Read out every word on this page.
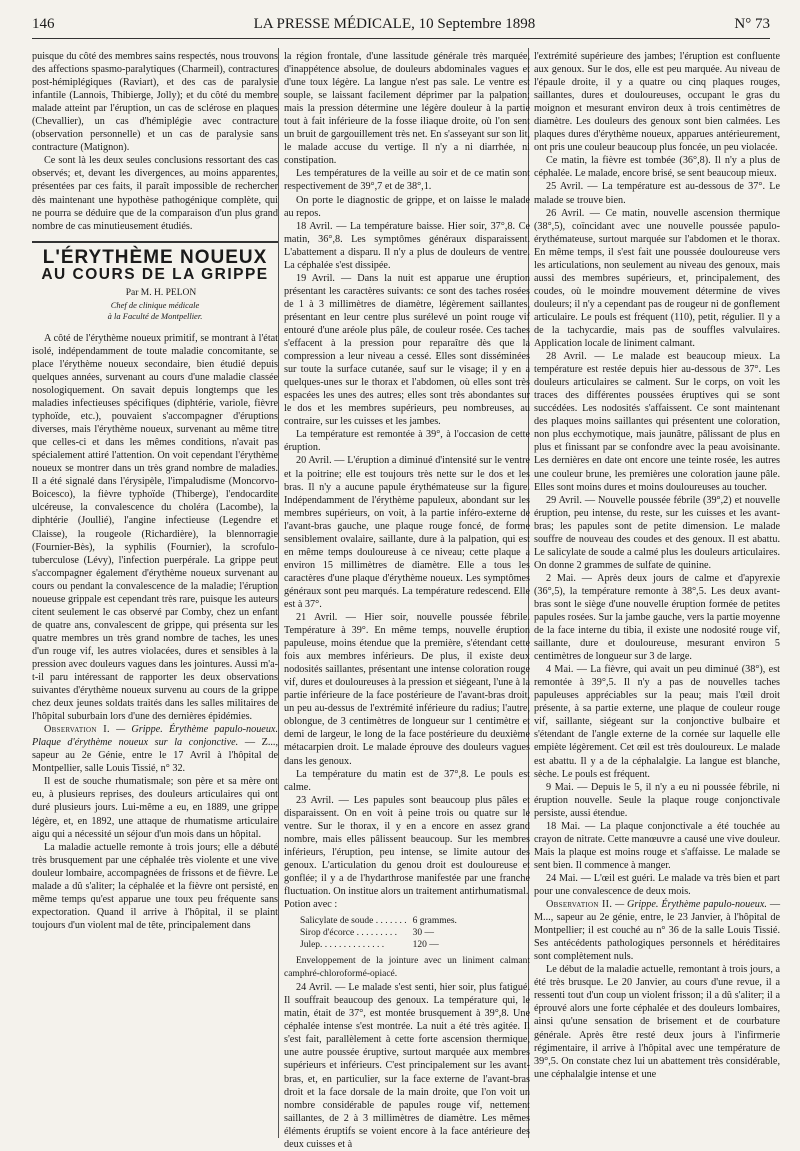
146	LA PRESSE MÉDICALE, 10 Septembre 1898	N° 73

puisque du côté des membres sains respectés, nous trouvons des affections spasmo-paralytiques (Charmeil), contractures post-hémiplégiques (Raviart), et des cas de paralysie infantile (Lannois, Thibierge, Jolly); et du côté du membre malade atteint par l'éruption, un cas de sclérose en plaques (Chevallier), un cas d'hémiplégie avec contracture (observation personnelle) et un cas de paralysie sans contracture (Matignon).

Ce sont là les deux seules conclusions ressortant des cas observés; et, devant les divergences, au moins apparentes, présentées par ces faits, il paraît impossible de rechercher dès maintenant une hypothèse pathogénique complète, qui ne pourra se déduire que de la comparaison d'un plus grand nombre de cas minutieusement étudiés.

L'ÉRYTHÈME NOUEUX
AU COURS DE LA GRIPPE

Par M. H. PELON

Chef de clinique médicale
à la Faculté de Montpellier.

A côté de l'érythème noueux primitif, se montrant à l'état isolé, indépendamment de toute maladie concomitante, se place l'érythème noueux secondaire, bien étudié depuis quelques années, survenant au cours d'une maladie classée nosologiquement. On savait depuis longtemps que les maladies infectieuses spécifiques (diphtérie, variole, fièvre typhoïde, etc.), pouvaient s'accompagner d'éruptions diverses, mais l'érythème noueux, survenant au même titre que celles-ci et dans les mêmes conditions, n'avait pas spécialement attiré l'attention. On voit cependant l'érythème noueux se montrer dans un très grand nombre de maladies. Il a été signalé dans l'érysipèle, l'impaludisme (Moncorvo-Boicesco), la fièvre typhoïde (Thiberge), l'endocardite ulcéreuse, la convalescence du choléra (Lacombe), la diphtérie (Joullié), l'angine infectieuse (Legendre et Claisse), la rougeole (Richardière), la blennorragie (Fournier-Bès), la syphilis (Fournier), la scrofulo-tuberculose (Lévy), l'infection puerpérale. La grippe peut s'accompagner également d'érythème noueux survenant au cours ou pendant la convalescence de la maladie; l'éruption noueuse grippale est cependant très rare, puisque les auteurs citent seulement le cas observé par Comby, chez un enfant de quatre ans, convalescent de grippe, qui présenta sur les quatre membres un très grand nombre de taches, les unes d'un rouge vif, les autres violacées, dures et sensibles à la pression avec douleurs vagues dans les jointures. Aussi m'a-t-il paru intéressant de rapporter les deux observations suivantes d'érythème noueux survenu au cours de la grippe chez deux jeunes soldats traités dans les salles militaires de l'hôpital suburbain lors d'une des dernières épidémies.

Observation I. — Grippe. Érythème papulo-noueux. Plaque d'érythème noueux sur la conjonctive. — Z..., sapeur au 2e Génie, entre le 17 Avril à l'hôpital de Montpellier, salle Louis Tissié, n° 32.

Il est de souche rhumatismale; son père et sa mère ont eu, à plusieurs reprises, des douleurs articulaires qui ont duré plusieurs jours. Lui-même a eu, en 1889, une grippe légère, et, en 1892, une attaque de rhumatisme articulaire aigu qui a nécessité un séjour d'un mois dans un hôpital.

La maladie actuelle remonte à trois jours; elle a débuté très brusquement par une céphalée très violente et une vive douleur lombaire, accompagnées de frissons et de fièvre. Le malade a dû s'aliter; la céphalée et la fièvre ont persisté, en même temps qu'est apparue une toux peu fréquente sans expectoration. Quand il arrive à l'hôpital, il se plaint toujours d'un violent mal de tête, principalement dans

la région frontale, d'une lassitude générale très marquée, d'inappétence absolue, de douleurs abdominales vagues et d'une toux légère. La langue n'est pas sale. Le ventre est souple, se laissant facilement déprimer par la palpation; mais la pression détermine une légère douleur à la partie tout à fait inférieure de la fosse iliaque droite, où l'on sent un bruit de gargouillement très net. En s'asseyant sur son lit, le malade accuse du vertige. Il n'y a ni diarrhée, ni constipation.

Les températures de la veille au soir et de ce matin sont respectivement de 39°,7 et de 38°,1.

On porte le diagnostic de grippe, et on laisse le malade au repos.

18 Avril. — La température baisse. Hier soir, 37°,8. Ce matin, 36°,8. Les symptômes généraux disparaissent. L'abattement a disparu. Il n'y a plus de douleurs de ventre. La céphalée s'est dissipée.

19 Avril. — Dans la nuit est apparue une éruption présentant les caractères suivants: ce sont des taches rosées de 1 à 3 millimètres de diamètre, légèrement saillantes, présentant en leur centre plus surélevé un point rouge vif entouré d'une aréole plus pâle, de couleur rosée. Ces taches s'effacent à la pression pour reparaître dès que la compression a leur niveau a cessé. Elles sont disséminées sur toute la surface cutanée, sauf sur le visage; il y en a quelques-unes sur le thorax et l'abdomen, où elles sont très espacées les unes des autres; elles sont très abondantes sur le dos et les membres supérieurs, peu nombreuses, au contraire, sur les cuisses et les jambes.

La température est remontée à 39°, à l'occasion de cette éruption.

20 Avril. — L'éruption a diminué d'intensité sur le ventre et la poitrine; elle est toujours très nette sur le dos et les bras. Il n'y a aucune papule érythémateuse sur la figure. Indépendamment de l'érythème papuleux, abondant sur les membres supérieurs, on voit, à la partie inféro-externe de l'avant-bras gauche, une plaque rouge foncé, de forme sensiblement ovalaire, saillante, dure à la palpation, qui est en même temps douloureuse à ce niveau; cette plaque a environ 15 millimètres de diamètre. Elle a tous les caractères d'une plaque d'érythème noueux. Les symptômes généraux sont peu marqués. La température redescend. Elle est à 37°.

21 Avril. — Hier soir, nouvelle poussée fébrile. Température à 39°. En même temps, nouvelle éruption papuleuse, moins étendue que la première, s'étendant cette fois aux membres inférieurs. De plus, il existe deux nodosités saillantes, présentant une intense coloration rouge vif, dures et douloureuses à la pression et siégeant, l'une à la partie inférieure de la face postérieure de l'avant-bras droit, un peu au-dessus de l'extrémité inférieure du radius; l'autre, oblongue, de 3 centimètres de longueur sur 1 centimètre et demi de largeur, le long de la face postérieure du deuxième métacarpien droit. Le malade éprouve des douleurs vagues dans les genoux.

La température du matin est de 37°,8. Le pouls est calme.

23 Avril. — Les papules sont beaucoup plus pâles et disparaissent. On en voit à peine trois ou quatre sur le ventre. Sur le thorax, il y en a encore en assez grand nombre, mais elles pâlissent beaucoup. Sur les membres inférieurs, l'éruption, peu intense, se limite autour des genoux. L'articulation du genou droit est douloureuse et gonflée; il y a de l'hydarthrose manifestée par une franche fluctuation. On institue alors un traitement antirhumatismal.

Potion avec :

Salicylate de soude . . . . . . .	6 grammes.
Sirop d'écorce . . . . . . . . .	30 —
Julep. . . . . . . . . . . . . .	120 —

Enveloppement de la jointure avec un liniment calmant camphré-chloroformé-opiacé.

24 Avril. — Le malade s'est senti, hier soir, plus fatigué. Il souffrait beaucoup des genoux. La température qui, le matin, était de 37°, est montée brusquement à 39°,8. Une céphalée intense s'est montrée. La nuit a été très agitée. Il s'est fait, parallèlement à cette forte ascension thermique, une autre poussée éruptive, surtout marquée aux membres supérieurs et inférieurs. C'est principalement sur les avant-bras, et, en particulier, sur la face externe de l'avant-bras droit et la face dorsale de la main droite, que l'on voit un nombre considérable de papules rouge vif, nettement saillantes, de 2 à 3 millimètres de diamètre. Les mêmes éléments éruptifs se voient encore à la face antérieure des deux cuisses et à

l'extrémité supérieure des jambes; l'éruption est confluente aux genoux. Sur le dos, elle est peu marquée. Au niveau de l'épaule droite, il y a quatre ou cinq plaques rouges, saillantes, dures et douloureuses, occupant le gras du moignon et mesurant environ deux à trois centimètres de diamètre. Les douleurs des genoux sont bien calmées. Les plaques dures d'érythème noueux, apparues antérieurement, ont pris une couleur beaucoup plus foncée, un peu violacée.

Ce matin, la fièvre est tombée (36°,8). Il n'y a plus de céphalée. Le malade, encore brisé, se sent beaucoup mieux.

25 Avril. — La température est au-dessous de 37°. Le malade se trouve bien.

26 Avril. — Ce matin, nouvelle ascension thermique (38°,5), coïncidant avec une nouvelle poussée papulo-érythémateuse, surtout marquée sur l'abdomen et le thorax. En même temps, il s'est fait une poussée douloureuse vers les articulations, non seulement au niveau des genoux, mais aussi des membres supérieurs, et, principalement, des coudes, où le moindre mouvement détermine de vives douleurs; il n'y a cependant pas de rougeur ni de gonflement articulaire. Le pouls est fréquent (110), petit, régulier. Il y a de la tachycardie, mais pas de souffles valvulaires. Application locale de liniment calmant.

28 Avril. — Le malade est beaucoup mieux. La température est restée depuis hier au-dessous de 37°. Les douleurs articulaires se calment. Sur le corps, on voit les traces des différentes poussées éruptives qui se sont succédées. Les nodosités s'affaissent. Ce sont maintenant des plaques moins saillantes qui présentent une coloration, non plus ecchymotique, mais jaunâtre, pâlissant de plus en plus et finissant par se confondre avec la peau avoisinante. Les dernières en date ont encore une teinte rosée, les autres une couleur brune, les premières une coloration jaune pâle. Elles sont moins dures et moins douloureuses au toucher.

29 Avril. — Nouvelle poussée fébrile (39°,2) et nouvelle éruption, peu intense, du reste, sur les cuisses et les avant-bras; les papules sont de petite dimension. Le malade souffre de nouveau des coudes et des genoux. Il est abattu. Le salicylate de soude a calmé plus les douleurs articulaires. On donne 2 grammes de sulfate de quinine.

2 Mai. — Après deux jours de calme et d'apyrexie (36°,5), la température remonte à 38°,5. Les deux avant-bras sont le siège d'une nouvelle éruption formée de petites papules rosées. Sur la jambe gauche, vers la partie moyenne de la face interne du tibia, il existe une nodosité rouge vif, saillante, dure et douloureuse, mesurant environ 5 centimètres de longueur sur 3 de large.

4 Mai. — La fièvre, qui avait un peu diminué (38°), est remontée à 39°,5. Il n'y a pas de nouvelles taches papuleuses appréciables sur la peau; mais l'œil droit présente, à sa partie externe, une plaque de couleur rouge vif, saillante, siégeant sur la conjonctive bulbaire et s'étendant de l'angle externe de la cornée sur laquelle elle empiète légèrement. Cet œil est très douloureux. Le malade est abattu. Il y a de la céphalalgie. La langue est blanche, sèche. Le pouls est fréquent.

9 Mai. — Depuis le 5, il n'y a eu ni poussée fébrile, ni éruption nouvelle. Seule la plaque rouge conjonctivale persiste, aussi étendue.

18 Mai. — La plaque conjonctivale a été touchée au crayon de nitrate. Cette manœuvre a causé une vive douleur. Mais la plaque est moins rouge et s'affaisse. Le malade se sent bien. Il commence à manger.

24 Mai. — L'œil est guéri. Le malade va très bien et part pour une convalescence de deux mois.

Observation II. — Grippe. Érythème papulo-noueux. — M..., sapeur au 2e génie, entre, le 23 Janvier, à l'hôpital de Montpellier; il est couché au n° 36 de la salle Louis Tissié. Ses antécédents pathologiques personnels et héréditaires sont complètement nuls.

Le début de la maladie actuelle, remontant à trois jours, a été très brusque. Le 20 Janvier, au cours d'une revue, il a ressenti tout d'un coup un violent frisson; il a dû s'aliter; il a éprouvé alors une forte céphalée et des douleurs lombaires, ainsi qu'une sensation de brisement et de courbature générale. Après être resté deux jours à l'infirmerie régimentaire, il arrive à l'hôpital avec une température de 39°,5. On constate chez lui un abattement très considérable, une céphalalgie intense et une
